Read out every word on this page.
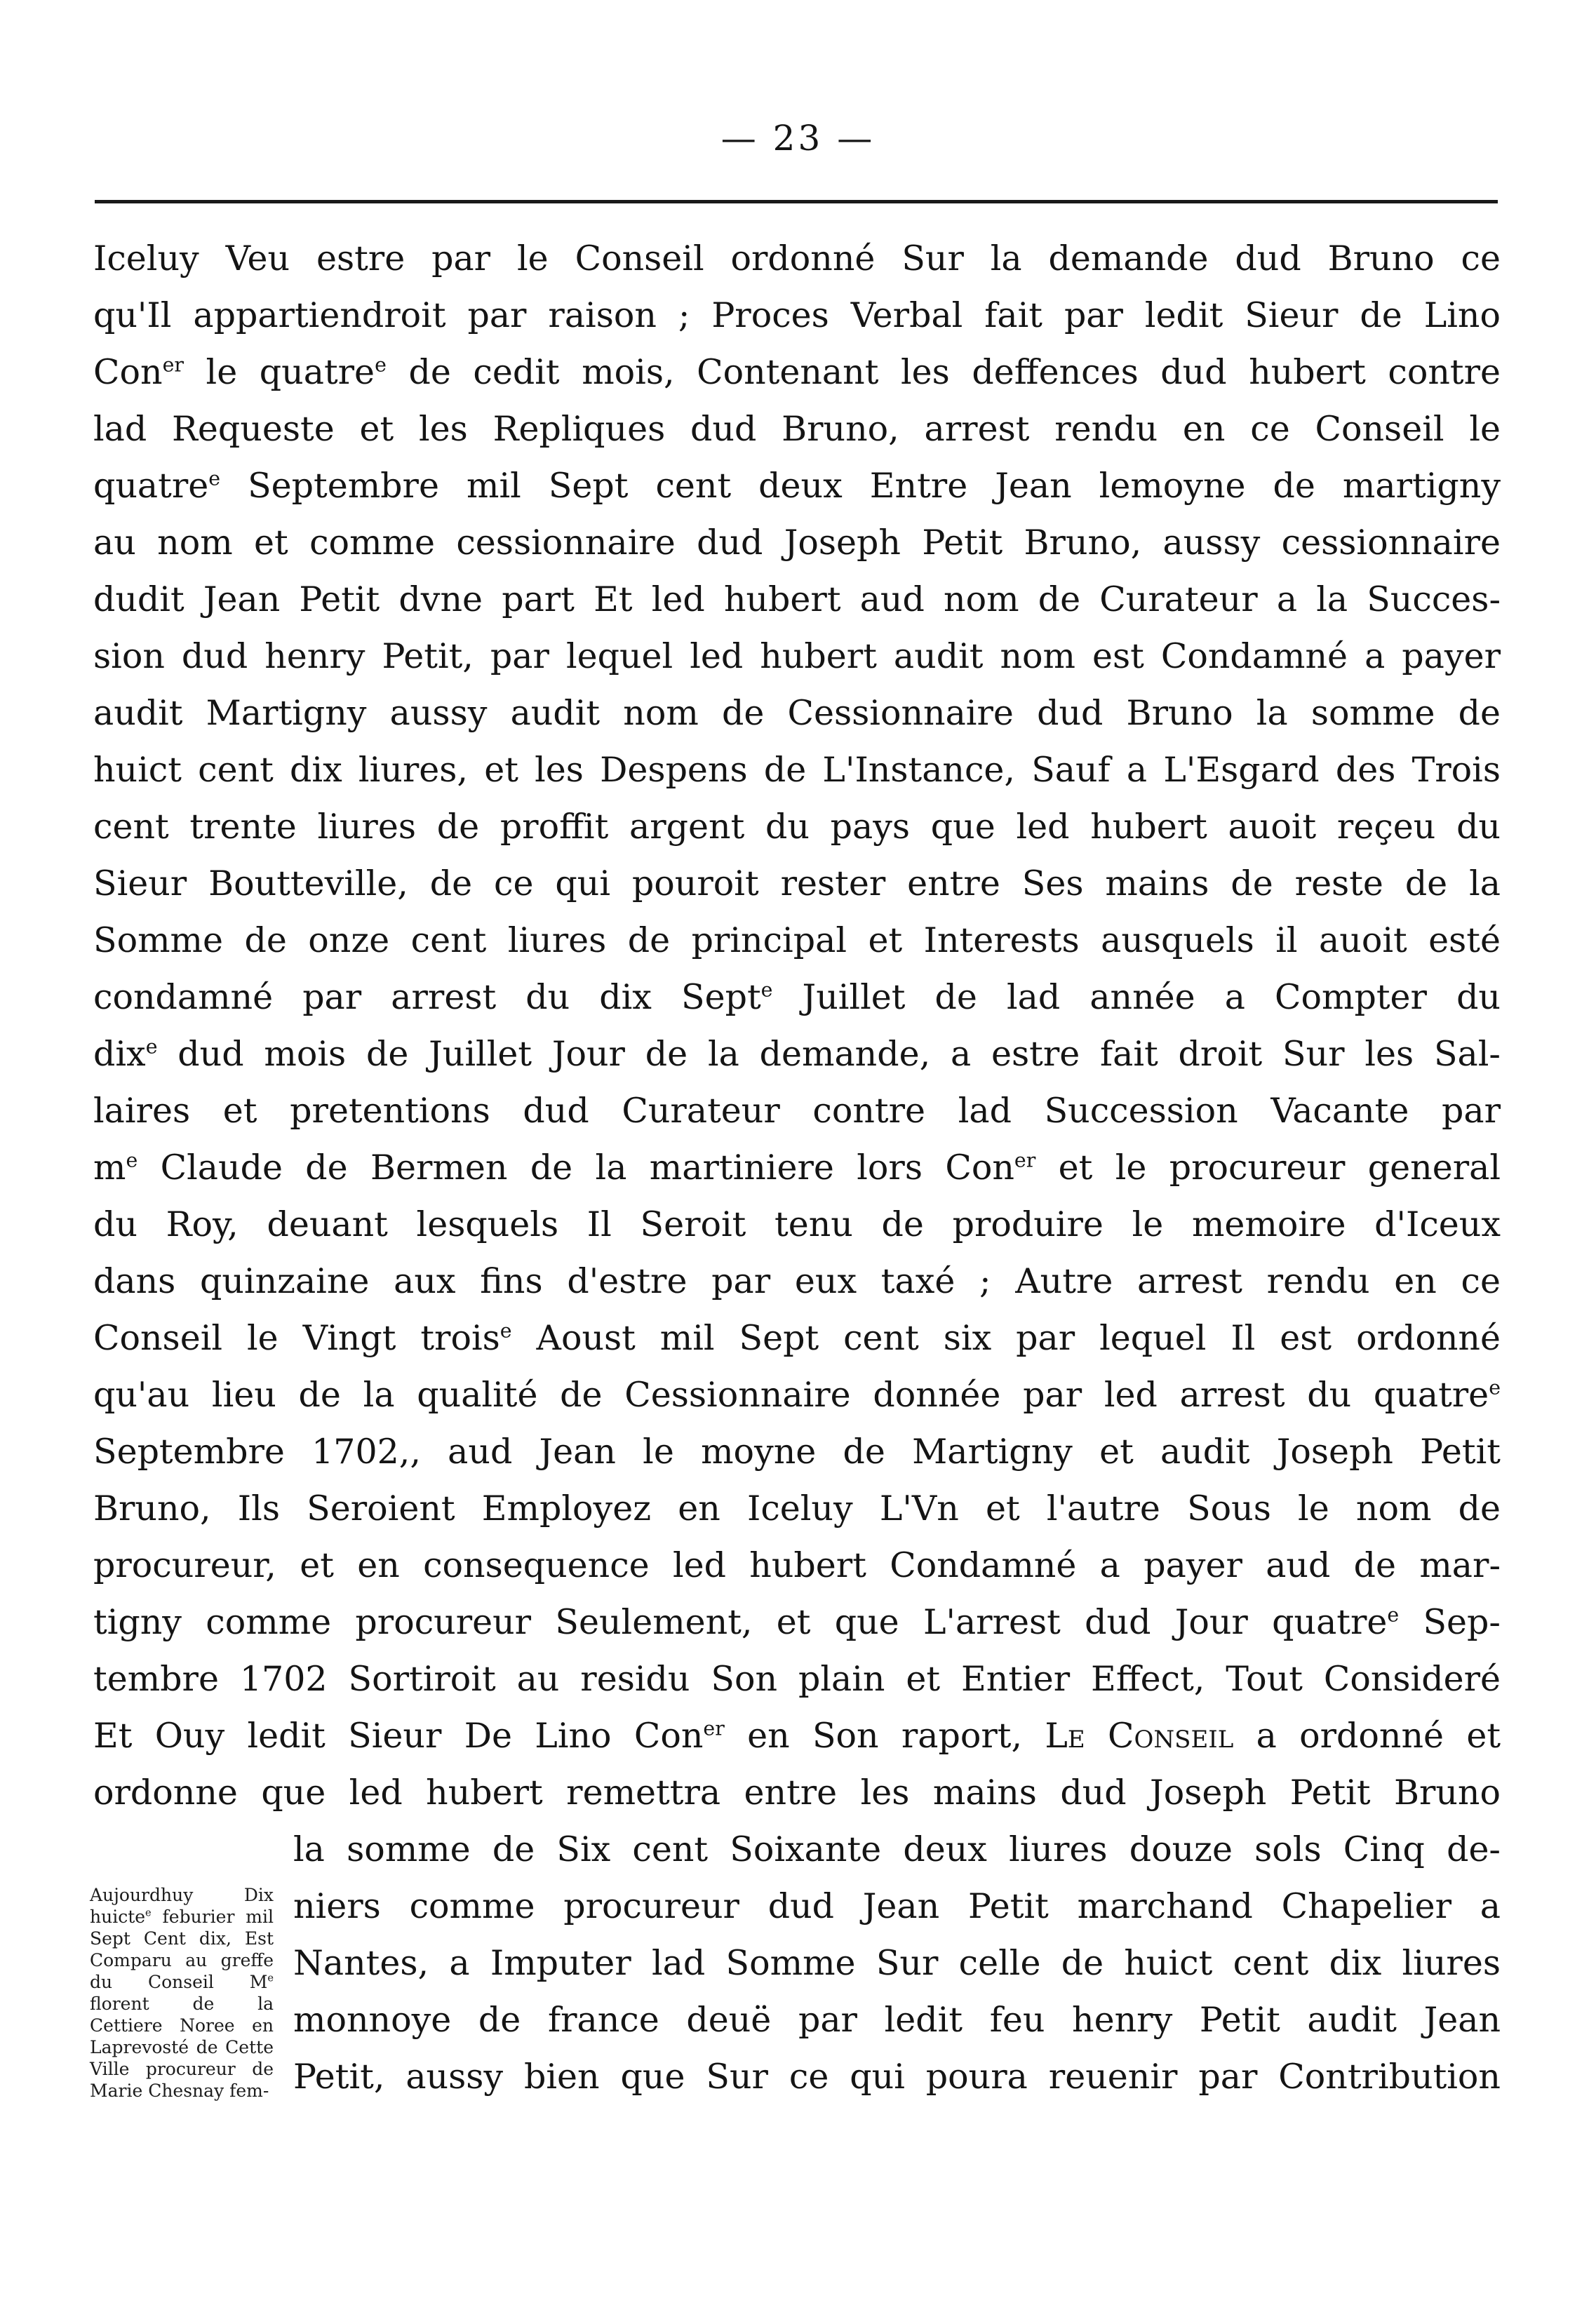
— 23 —
Iceluy Veu estre par le Conseil ordonné Sur la demande dud Bruno ce
qu'Il appartiendroit par raison ; Proces Verbal fait par ledit Sieur de Lino
Con$^{er}$ le quatre$^e$ de cedit mois, Contenant les deffences dud hubert contre
lad Requeste et les Repliques dud Bruno, arrest rendu en ce Conseil le
quatre$^e$ Septembre mil Sept cent deux Entre Jean lemoyne de martigny
au nom et comme cessionnaire dud Joseph Petit Bruno, aussy cessionnaire
dudit Jean Petit dvne part Et led hubert aud nom de Curateur a la Succes-
sion dud henry Petit, par lequel led hubert audit nom est Condamné a payer
audit Martigny aussy audit nom de Cessionnaire dud Bruno la somme de
huict cent dix liures, et les Despens de L'Instance, Sauf a L'Esgard des Trois
cent trente liures de proffit argent du pays que led hubert auoit reçeu du
Sieur Boutteville, de ce qui pouroit rester entre Ses mains de reste de la
Somme de onze cent liures de principal et Interests ausquels il auoit esté
condamné par arrest du dix Sept$^e$ Juillet de lad année a Compter du
dix$^e$ dud mois de Juillet Jour de la demande, a estre fait droit Sur les Sal-
laires et pretentions dud Curateur contre lad Succession Vacante par
$m^e$ Claude de Bermen de la martiniere lors Con$^{er}$ et le procureur general
du Roy, deuant lesquels Il Seroit tenu de produire le memoire d'Iceux
dans quinzaine aux fins d'estre par eux taxé ; Autre arrest rendu en ce
Conseil le Vingt trois$^e$ Aoust mil Sept cent six par lequel Il est ordonné
qu'au lieu de la qualité de Cessionnaire donnée par led arrest du quatre$^e$
Septembre 1702,, aud Jean le moyne de Martigny et audit Joseph Petit
Bruno, Ils Seroient Employez en Iceluy L'Vn et l'autre Sous le nom de
procureur, et en consequence led hubert Condamné a payer aud de mar-
tigny comme procureur Seulement, et que L'arrest dud Jour quatre$^e$ Sep-
tembre 1702 Sortiroit au residu Son plain et Entier Effect, Tout Consideré
Et Ouy ledit Sieur De Lino Con$^{er}$ en Son raport, Le Conseil a ordonné et
ordonne que led hubert remettra entre les mains dud Joseph Petit Bruno
la somme de Six cent Soixante deux liures douze sols Cinq de-
niers comme procureur dud Jean Petit marchand Chapelier a
Nantes, a Imputer lad Somme Sur celle de huict cent dix liures
monnoye de france deuë par ledit feu henry Petit audit Jean
Petit, aussy bien que Sur ce qui poura reuenir par Contribution
Aujourdhuy Dix huicte$^e$ feburier mil Sept Cent dix, Est Comparu au greffe du Conseil Me florent de la Cettiere Noree en Laprevosté de Cette Ville procureur de Marie Chesnay fem-
